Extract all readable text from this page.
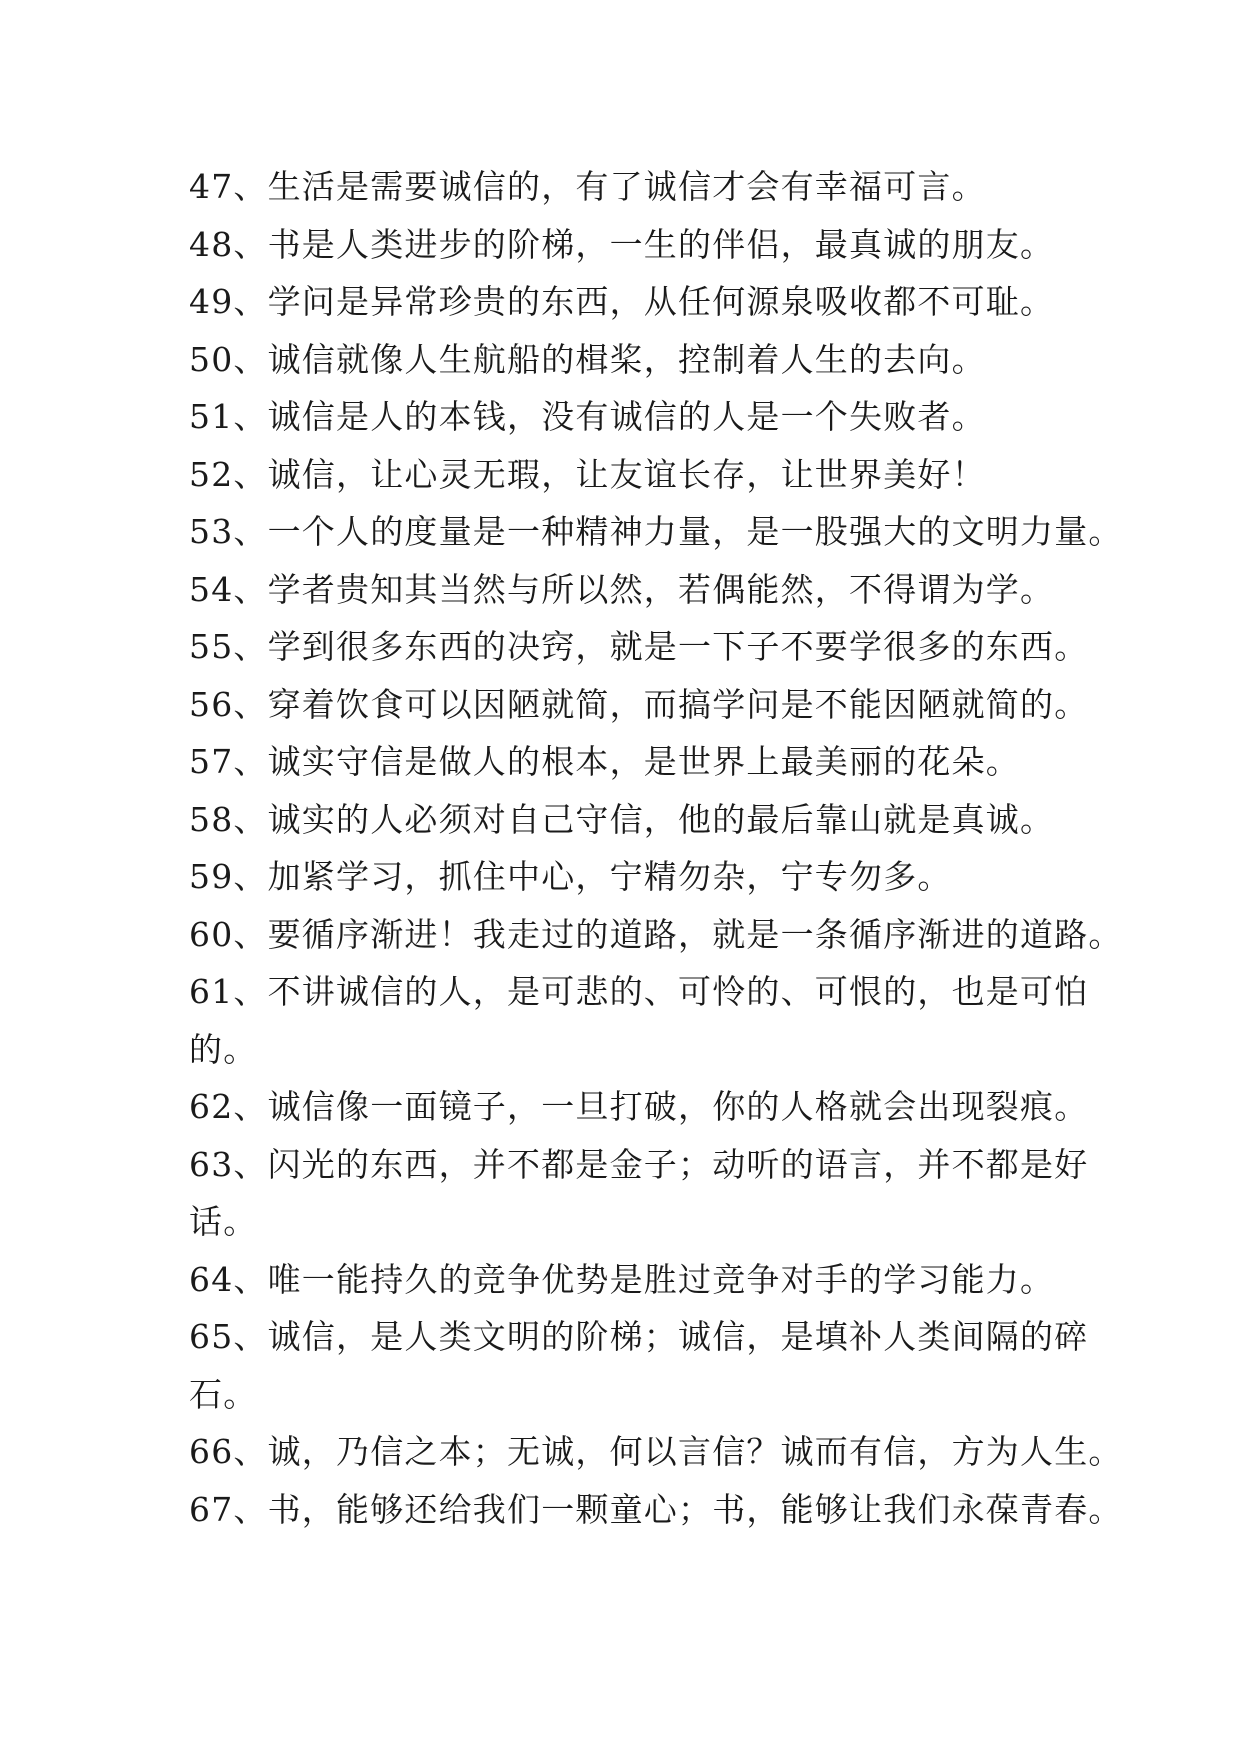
47、生活是需要诚信的，有了诚信才会有幸福可言。
48、书是人类进步的阶梯，一生的伴侣，最真诚的朋友。
49、学问是异常珍贵的东西，从任何源泉吸收都不可耻。
50、诚信就像人生航船的楫桨，控制着人生的去向。
51、诚信是人的本钱，没有诚信的人是一个失败者。
52、诚信，让心灵无瑕，让友谊长存，让世界美好！
53、一个人的度量是一种精神力量，是一股强大的文明力量。
54、学者贵知其当然与所以然，若偶能然，不得谓为学。
55、学到很多东西的决窍，就是一下子不要学很多的东西。
56、穿着饮食可以因陋就简，而搞学问是不能因陋就简的。
57、诚实守信是做人的根本，是世界上最美丽的花朵。
58、诚实的人必须对自己守信，他的最后靠山就是真诚。
59、加紧学习，抓住中心，宁精勿杂，宁专勿多。
60、要循序渐进！我走过的道路，就是一条循序渐进的道路。
61、不讲诚信的人，是可悲的、可怜的、可恨的，也是可怕
的。
62、诚信像一面镜子，一旦打破，你的人格就会出现裂痕。
63、闪光的东西，并不都是金子；动听的语言，并不都是好
话。
64、唯一能持久的竞争优势是胜过竞争对手的学习能力。
65、诚信，是人类文明的阶梯；诚信，是填补人类间隔的碎
石。
66、诚，乃信之本；无诚，何以言信？诚而有信，方为人生。
67、书，能够还给我们一颗童心；书，能够让我们永葆青春。
